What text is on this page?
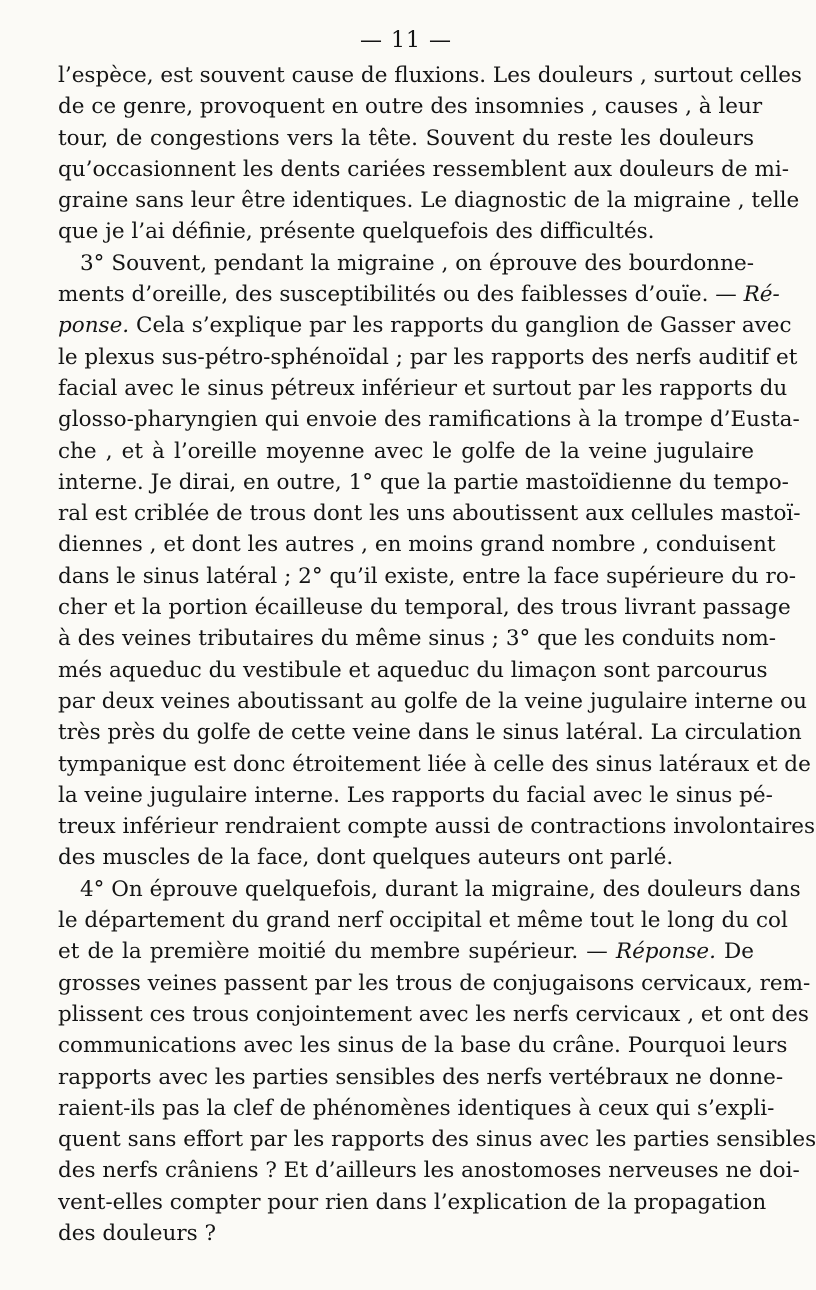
— 11 —
l’espèce, est souvent cause de fluxions. Les douleurs , surtout celles
de ce genre, provoquent en outre des insomnies , causes , à leur
tour, de congestions vers la tête. Souvent du reste les douleurs
qu’occasionnent les dents cariées ressemblent aux douleurs de mi-
graine sans leur être identiques. Le diagnostic de la migraine , telle
que je l’ai définie, présente quelquefois des difficultés.
3° Souvent, pendant la migraine , on éprouve des bourdonne-
ments d’oreille, des susceptibilités ou des faiblesses d’ouïe. — Ré-
ponse. Cela s’explique par les rapports du ganglion de Gasser avec
le plexus sus-pétro-sphénoïdal ; par les rapports des nerfs auditif et
facial avec le sinus pétreux inférieur et surtout par les rapports du
glosso-pharyngien qui envoie des ramifications à la trompe d’Eusta-
che , et à l’oreille moyenne avec le golfe de la veine jugulaire
interne. Je dirai, en outre, 1° que la partie mastoïdienne du tempo-
ral est criblée de trous dont les uns aboutissent aux cellules mastoï-
diennes , et dont les autres , en moins grand nombre , conduisent
dans le sinus latéral ; 2° qu’il existe, entre la face supérieure du ro-
cher et la portion écailleuse du temporal, des trous livrant passage
à des veines tributaires du même sinus ; 3° que les conduits nom-
més aqueduc du vestibule et aqueduc du limaçon sont parcourus
par deux veines aboutissant au golfe de la veine jugulaire interne ou
très près du golfe de cette veine dans le sinus latéral. La circulation
tympanique est donc étroitement liée à celle des sinus latéraux et de
la veine jugulaire interne. Les rapports du facial avec le sinus pé-
treux inférieur rendraient compte aussi de contractions involontaires
des muscles de la face, dont quelques auteurs ont parlé.
4° On éprouve quelquefois, durant la migraine, des douleurs dans
le département du grand nerf occipital et même tout le long du col
et de la première moitié du membre supérieur. — Réponse. De
grosses veines passent par les trous de conjugaisons cervicaux, rem-
plissent ces trous conjointement avec les nerfs cervicaux , et ont des
communications avec les sinus de la base du crâne. Pourquoi leurs
rapports avec les parties sensibles des nerfs vertébraux ne donne-
raient-ils pas la clef de phénomènes identiques à ceux qui s’expli-
quent sans effort par les rapports des sinus avec les parties sensibles
des nerfs crâniens ? Et d’ailleurs les anostomoses nerveuses ne doi-
vent-elles compter pour rien dans l’explication de la propagation
des douleurs ?
